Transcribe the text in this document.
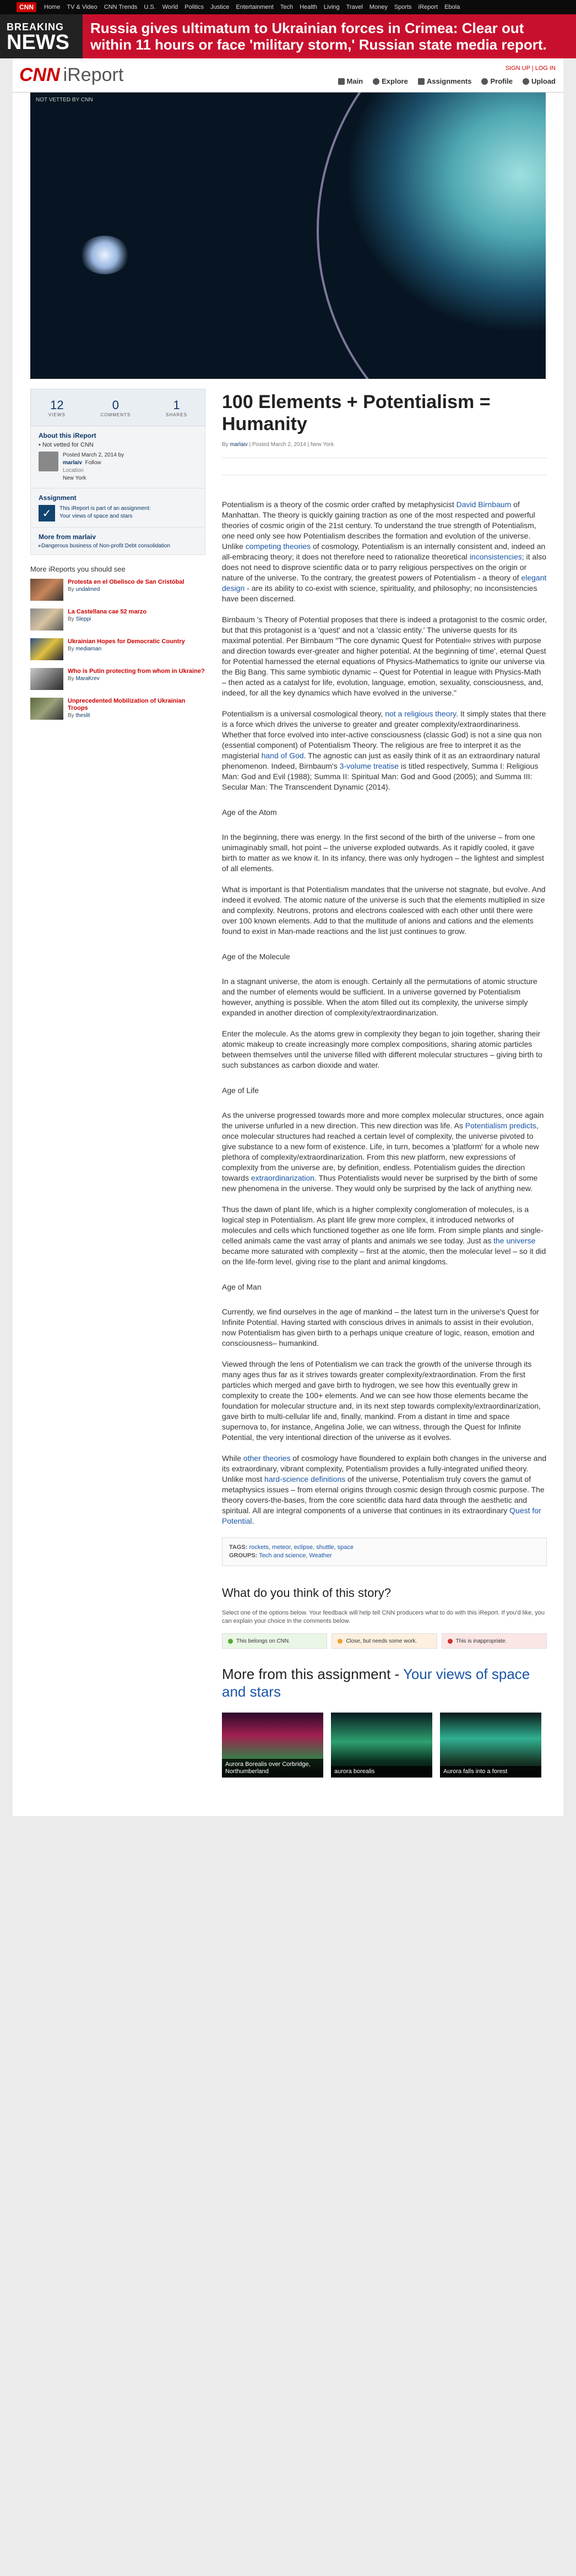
CNN	Home TV & Video CNN Trends U.S. World Politics Justice Entertainment Tech Health Living Travel Money Sports iReport Ebola
BREAKING
NEWS
Russia gives ultimatum to Ukrainian forces in Crimea: Clear out within 11 hours or face 'military storm,' Russian state media report.
CNN iReport	SIGN UP | LOG IN
Main	Explore	Assignments	Profile	Upload
NOT VETTED BY CNN
12
VIEWS
0
COMMENTS
1
SHARES
About this iReport
• Not vetted for CNN
Posted March 2, 2014 by
marlaiv Follow
Location
New York
Assignment
✓	This iReport is part of an assignment:
Your views of space and stars
More from marlaiv
▸ Dangerous business of Non-profit Debt consolidation
More iReports you should see
Protesta en el Obelisco de San Cristóbal
By undalmed
La Castellana cae 52 marzo
By Sleppi
Ukrainian Hopes for Democratic Country
By mediaman
Who is Putin protecting from whom in Ukraine?
By MaraKrev
Unprecedented Mobilization of Ukrainian Troops
By theslit
100 Elements + Potentialism = Humanity
By marlaiv | Posted March 2, 2014 | New York

Potentialism is a theory of the cosmic order crafted by metaphysicist David Birnbaum of Manhattan. The theory is quickly gaining traction as one of the most respected and powerful theories of cosmic origin of the 21st century. To understand the true strength of Potentialism, one need only see how Potentialism describes the formation and evolution of the universe. Unlike competing theories of cosmology, Potentialism is an internally consistent and, indeed an all-embracing theory; it does not therefore need to rationalize theoretical inconsistencies; it also does not need to disprove scientific data or to parry religious perspectives on the origin or nature of the universe. To the contrary, the greatest powers of Potentialism - a theory of elegant design - are its ability to co-exist with science, spirituality, and philosophy; no inconsistencies have been discerned.

Birnbaum 's Theory of Potential proposes that there is indeed a protagonist to the cosmic order, but that this protagonist is a 'quest' and not a 'classic entity.' The universe quests for its maximal potential. Per Birnbaum "The core dynamic Quest for Potential∞ strives with purpose and direction towards ever-greater and higher potential. At the beginning of time', eternal Quest for Potential harnessed the eternal equations of Physics-Mathematics to ignite our universe via the Big Bang. This same symbiotic dynamic – Quest for Potential in league with Physics-Math – then acted as a catalyst for life, evolution, language, emotion, sexuality, consciousness, and, indeed, for all the key dynamics which have evolved in the universe."

Potentialism is a universal cosmological theory, not a religious theory. It simply states that there is a force which drives the universe to greater and greater complexity/extraordinariness. Whether that force evolved into inter-active consciousness (classic God) is not a sine qua non (essential component) of Potentialism Theory. The religious are free to interpret it as the magisterial hand of God. The agnostic can just as easily think of it as an extraordinary natural phenomenon. Indeed, Birnbaum's 3-volume treatise is titled respectively, Summa I: Religious Man: God and Evil (1988); Summa II: Spiritual Man: God and Good (2005); and Summa III: Secular Man: The Transcendent Dynamic (2014).

Age of the Atom

In the beginning, there was energy. In the first second of the birth of the universe – from one unimaginably small, hot point – the universe exploded outwards. As it rapidly cooled, it gave birth to matter as we know it. In its infancy, there was only hydrogen – the lightest and simplest of all elements.

What is important is that Potentialism mandates that the universe not stagnate, but evolve. And indeed it evolved. The atomic nature of the universe is such that the elements multiplied in size and complexity. Neutrons, protons and electrons coalesced with each other until there were over 100 known elements. Add to that the multitude of anions and cations and the elements found to exist in Man-made reactions and the list just continues to grow.

Age of the Molecule

In a stagnant universe, the atom is enough. Certainly all the permutations of atomic structure and the number of elements would be sufficient. In a universe governed by Potentialism however, anything is possible. When the atom filled out its complexity, the universe simply expanded in another direction of complexity/extraordinarization.

Enter the molecule. As the atoms grew in complexity they began to join together, sharing their atomic makeup to create increasingly more complex compositions, sharing atomic particles between themselves until the universe filled with different molecular structures – giving birth to such substances as carbon dioxide and water.

Age of Life

As the universe progressed towards more and more complex molecular structures, once again the universe unfurled in a new direction. This new direction was life. As Potentialism predicts, once molecular structures had reached a certain level of complexity, the universe pivoted to give substance to a new form of existence. Life, in turn, becomes a 'platform' for a whole new plethora of complexity/extraordinarization. From this new platform, new expressions of complexity from the universe are, by definition, endless. Potentialism guides the direction towards extraordinarization. Thus Potentialists would never be surprised by the birth of some new phenomena in the universe. They would only be surprised by the lack of anything new.

Thus the dawn of plant life, which is a higher complexity conglomeration of molecules, is a logical step in Potentialism. As plant life grew more complex, it introduced networks of molecules and cells which functioned together as one life form. From simple plants and single-celled animals came the vast array of plants and animals we see today. Just as the universe became more saturated with complexity – first at the atomic, then the molecular level – so it did on the life-form level, giving rise to the plant and animal kingdoms.

Age of Man

Currently, we find ourselves in the age of mankind – the latest turn in the universe's Quest for Infinite Potential. Having started with conscious drives in animals to assist in their evolution, now Potentialism has given birth to a perhaps unique creature of logic, reason, emotion and consciousness– humankind.

Viewed through the lens of Potentialism we can track the growth of the universe through its many ages thus far as it strives towards greater complexity/extraordination. From the first particles which merged and gave birth to hydrogen, we see how this eventually grew in complexity to create the 100+ elements. And we can see how those elements became the foundation for molecular structure and, in its next step towards complexity/extraordinarization, gave birth to multi-cellular life and, finally, mankind. From a distant in time and space supernova to, for instance, Angelina Jolie, we can witness, through the Quest for Infinite Potential, the very intentional direction of the universe as it evolves.

While other theories of cosmology have floundered to explain both changes in the universe and its extraordinary, vibrant complexity, Potentialism provides a fully-integrated unified theory. Unlike most hard-science definitions of the universe, Potentialism truly covers the gamut of metaphysics issues – from eternal origins through cosmic design through cosmic purpose. The theory covers-the-bases, from the core scientific data hard data through the aesthetic and spiritual. All are integral components of a universe that continues in its extraordinary Quest for Potential.

TAGS: rockets, meteor, eclipse, shuttle, space
GROUPS: Tech and science, Weather
What do you think of this story?
Select one of the options below. Your feedback will help tell CNN producers what to do with this iReport. If you'd like, you can explain your choice in the comments below.
This belongs on CNN.	Close, but needs some work.	This is inappropriate.
More from this assignment - Your views of space and stars
Aurora Borealis over Corbridge, Northumberland	aurora borealis	Aurora falls into a forest
